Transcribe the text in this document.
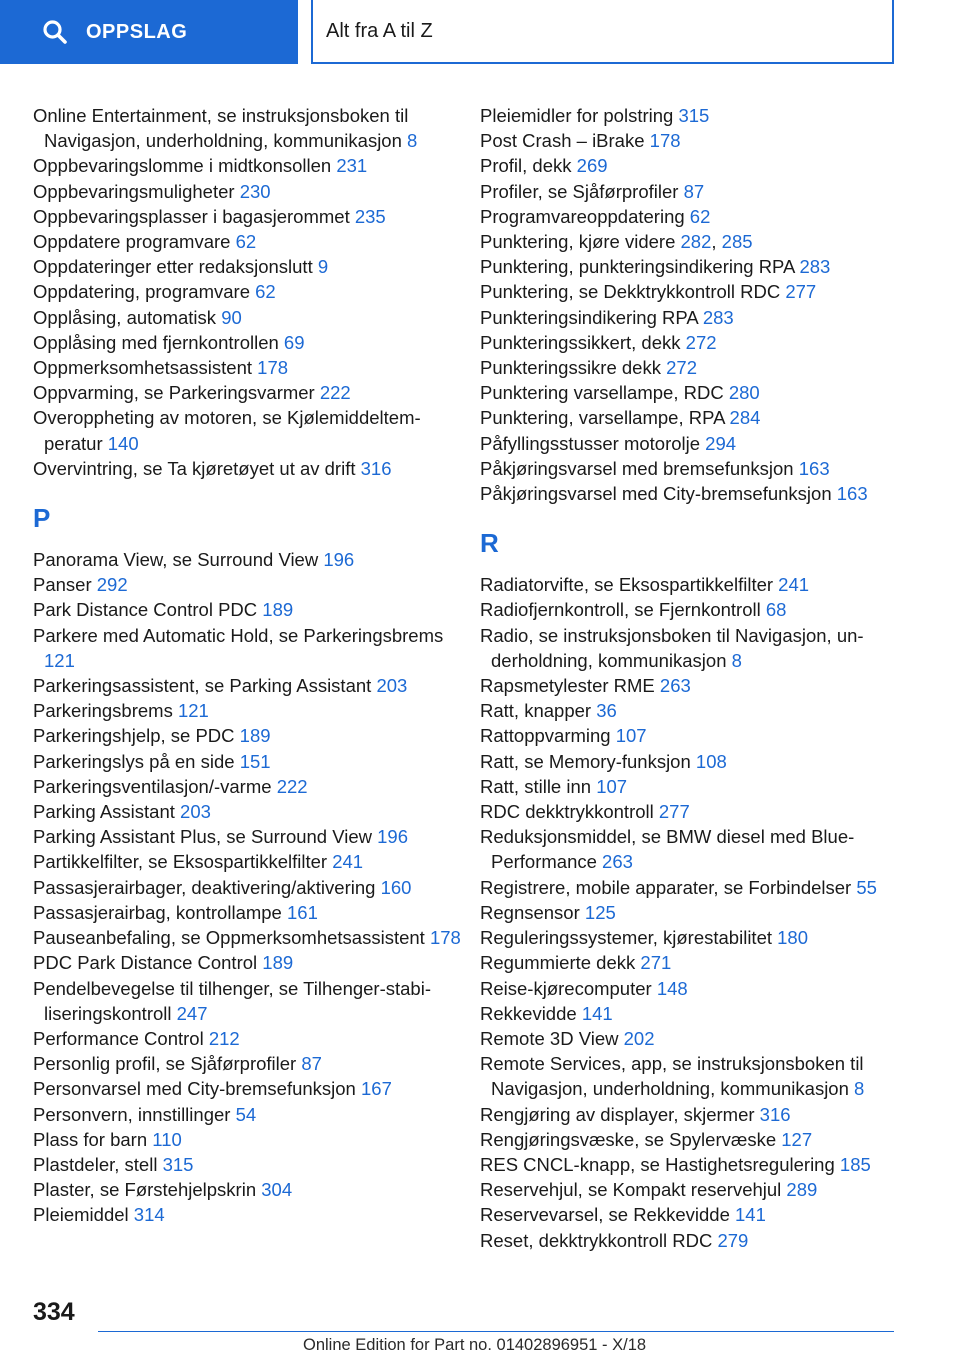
OPPSLAG	Alt fra A til Z
Online Entertainment, se instruksjonsboken til Navigasjon, underholdning, kommunikasjon 8
Oppbevaringslomme i midtkonsollen 231
Oppbevaringsmuligheter 230
Oppbevaringsplasser i bagasjerommet 235
Oppdatere programvare 62
Oppdateringer etter redaksjonslutt 9
Oppdatering, programvare 62
Opplåsing, automatisk 90
Opplåsing med fjernkontrollen 69
Oppmerksomhetsassistent 178
Oppvarming, se Parkeringsvarmer 222
Overoppheting av motoren, se Kjølemiddeltemperatur 140
Overvintring, se Ta kjøretøyet ut av drift 316
P
Panorama View, se Surround View 196
Panser 292
Park Distance Control PDC 189
Parkere med Automatic Hold, se Parkeringsbrems 121
Parkeringsassistent, se Parking Assistant 203
Parkeringsbrems 121
Parkeringshjelp, se PDC 189
Parkeringslys på en side 151
Parkeringsventilasjon/-varme 222
Parking Assistant 203
Parking Assistant Plus, se Surround View 196
Partikkelfilter, se Eksospartikkelfilter 241
Passasjerairbager, deaktivering/aktivering 160
Passasjerairbag, kontrollampe 161
Pauseanbefaling, se Oppmerksomhetsassistent 178
PDC Park Distance Control 189
Pendelbevegelse til tilhenger, se Tilhenger-stabiliseringskontroll 247
Performance Control 212
Personlig profil, se Sjåførprofiler 87
Personvarsel med City-bremsefunksjon 167
Personvern, innstillinger 54
Plass for barn 110
Plastdeler, stell 315
Plaster, se Førstehjelpskrin 304
Pleiemiddel 314
Pleiemidler for polstring 315
Post Crash – iBrake 178
Profil, dekk 269
Profiler, se Sjåførprofiler 87
Programvareoppdatering 62
Punktering, kjøre videre 282, 285
Punktering, punkteringsindikering RPA 283
Punktering, se Dekktrykkontroll RDC 277
Punkteringsindikering RPA 283
Punkteringssikkert, dekk 272
Punkteringssikre dekk 272
Punktering varsellampe, RDC 280
Punktering, varsellampe, RPA 284
Påfyllingsstusser motorolje 294
Påkjøringsvarsel med bremsefunksjon 163
Påkjøringsvarsel med City-bremsefunksjon 163
R
Radiatorvifte, se Eksospartikkelfilter 241
Radiofjernkontroll, se Fjernkontroll 68
Radio, se instruksjonsboken til Navigasjon, underholdning, kommunikasjon 8
Rapsmetylester RME 263
Ratt, knapper 36
Rattoppvarming 107
Ratt, se Memory-funksjon 108
Ratt, stille inn 107
RDC dekktrykkontroll 277
Reduksjonsmiddel, se BMW diesel med BluePerformance 263
Registrere, mobile apparater, se Forbindelser 55
Regnsensor 125
Reguleringssystemer, kjørestabilitet 180
Regummierte dekk 271
Reise-kjørecomputer 148
Rekkevidde 141
Remote 3D View 202
Remote Services, app, se instruksjonsboken til Navigasjon, underholdning, kommunikasjon 8
Rengjøring av displayer, skjermer 316
Rengjøringsvæske, se Spylervæske 127
RES CNCL-knapp, se Hastighetsregulering 185
Reservehjul, se Kompakt reservehjul 289
Reservevarsel, se Rekkevidde 141
Reset, dekktrykkontroll RDC 279
334
Online Edition for Part no. 01402896951 - X/18
